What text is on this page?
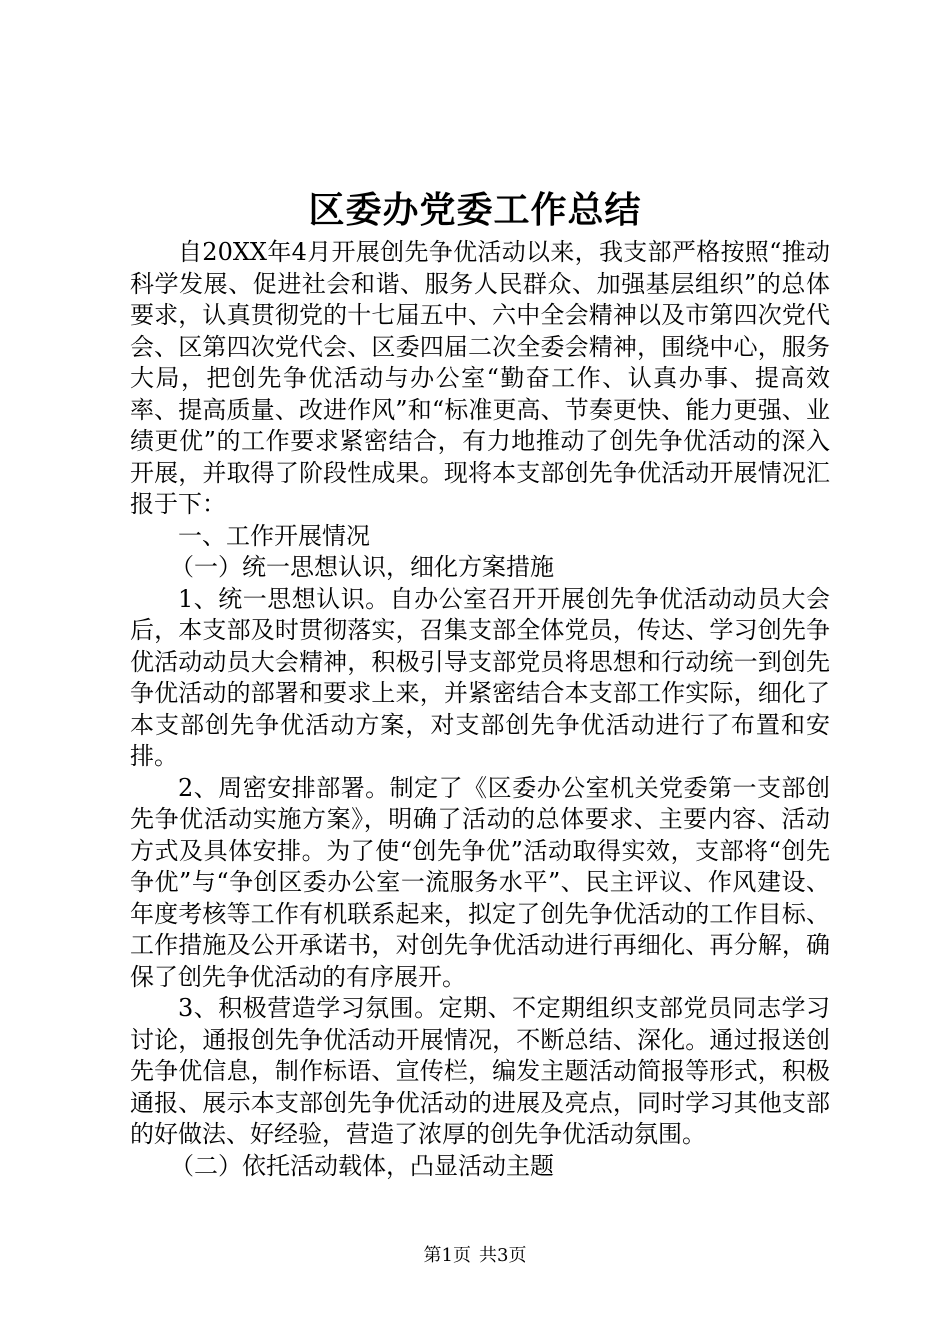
区委办党委工作总结

自20XX年4月开展创先争优活动以来，我支部严格按照“推动科学发展、促进社会和谐、服务人民群众、加强基层组织”的总体要求，认真贯彻党的十七届五中、六中全会精神以及市第四次党代会、区第四次党代会、区委四届二次全委会精神，围绕中心，服务大局，把创先争优活动与办公室“勤奋工作、认真办事、提高效率、提高质量、改进作风”和“标准更高、节奏更快、能力更强、业绩更优”的工作要求紧密结合，有力地推动了创先争优活动的深入开展，并取得了阶段性成果。现将本支部创先争优活动开展情况汇报于下：

一、工作开展情况

（一）统一思想认识，细化方案措施

1、统一思想认识。自办公室召开开展创先争优活动动员大会后，本支部及时贯彻落实，召集支部全体党员，传达、学习创先争优活动动员大会精神，积极引导支部党员将思想和行动统一到创先争优活动的部署和要求上来，并紧密结合本支部工作实际，细化了本支部创先争优活动方案，对支部创先争优活动进行了布置和安排。

2、周密安排部署。制定了《区委办公室机关党委第一支部创先争优活动实施方案》，明确了活动的总体要求、主要内容、活动方式及具体安排。为了使“创先争优”活动取得实效，支部将“创先争优”与“争创区委办公室一流服务水平”、民主评议、作风建设、年度考核等工作有机联系起来，拟定了创先争优活动的工作目标、工作措施及公开承诺书，对创先争优活动进行再细化、再分解，确保了创先争优活动的有序展开。

3、积极营造学习氛围。定期、不定期组织支部党员同志学习讨论，通报创先争优活动开展情况，不断总结、深化。通过报送创先争优信息，制作标语、宣传栏，编发主题活动简报等形式，积极通报、展示本支部创先争优活动的进展及亮点，同时学习其他支部的好做法、好经验，营造了浓厚的创先争优活动氛围。

（二）依托活动载体，凸显活动主题

第1页 共3页
